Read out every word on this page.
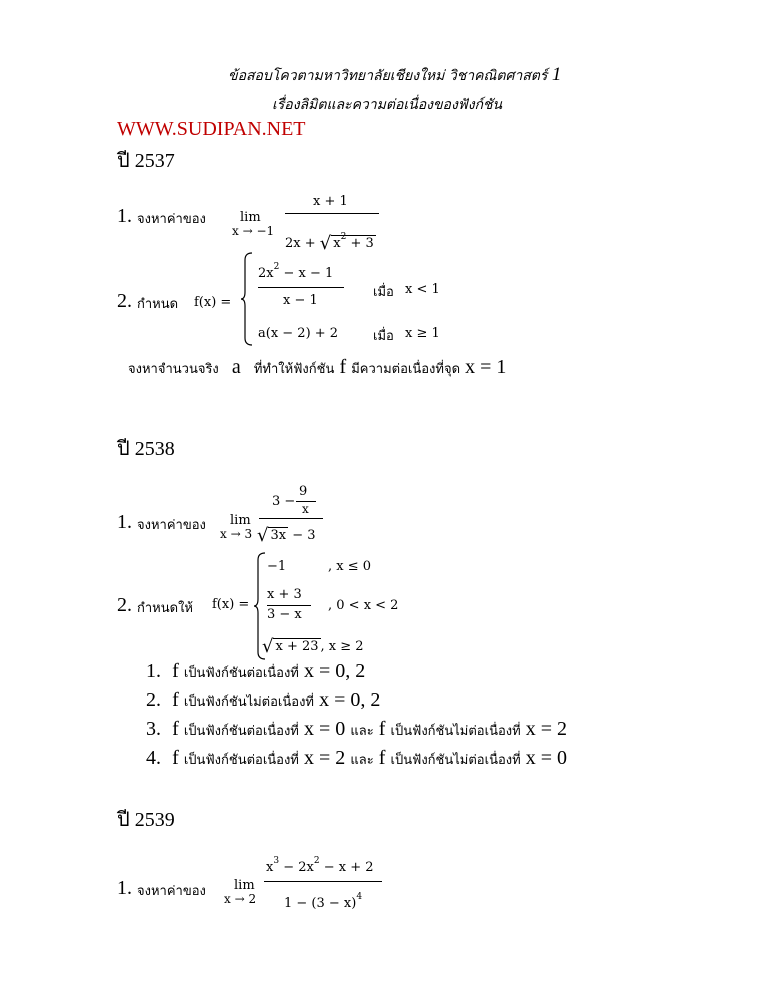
ข้อสอบโควตามหาวิทยาลัยเชียงใหม่ วิชาคณิตศาสตร์ 1
เรื่องลิมิตและความต่อเนื่องของฟังก์ชัน
WWW.SUDIPAN.NET
ปี 2537
1. จงหาค่าของ	lim
x → −1
x + 1
2x + √ $x^2 + 3$
2. กำหนด f(x) =
$2x^2 - x - 1$
x − 1
เมื่อ x < 1
a(x − 2) + 2	เมื่อ x ≥ 1
จงหาจำนวนจริง a ที่ทำให้ฟังก์ชัน f มีความต่อเนื่องที่จุด x = 1
ปี 2538
1. จงหาค่าของ lim
x → 3
3 −
9
x
√ 3x − 3
2. กำหนดให้ f(x) =
−1	, x ≤ 0
x + 3
3 − x
, 0 < x < 2
√ x + 23 , x ≥ 2
1. f เป็นฟังก์ชันต่อเนื่องที่ x = 0, 2
2. f เป็นฟังก์ชันไม่ต่อเนื่องที่ x = 0, 2
3. f เป็นฟังก์ชันต่อเนื่องที่ x = 0 และ f เป็นฟังก์ชันไม่ต่อเนื่องที่ x = 2
4. f เป็นฟังก์ชันต่อเนื่องที่ x = 2 และ f เป็นฟังก์ชันไม่ต่อเนื่องที่ x = 0
ปี 2539
1. จงหาค่าของ lim
x → 2
$x^3 - 2x^2 - x + 2$
$1 - (3 - x)^4$
